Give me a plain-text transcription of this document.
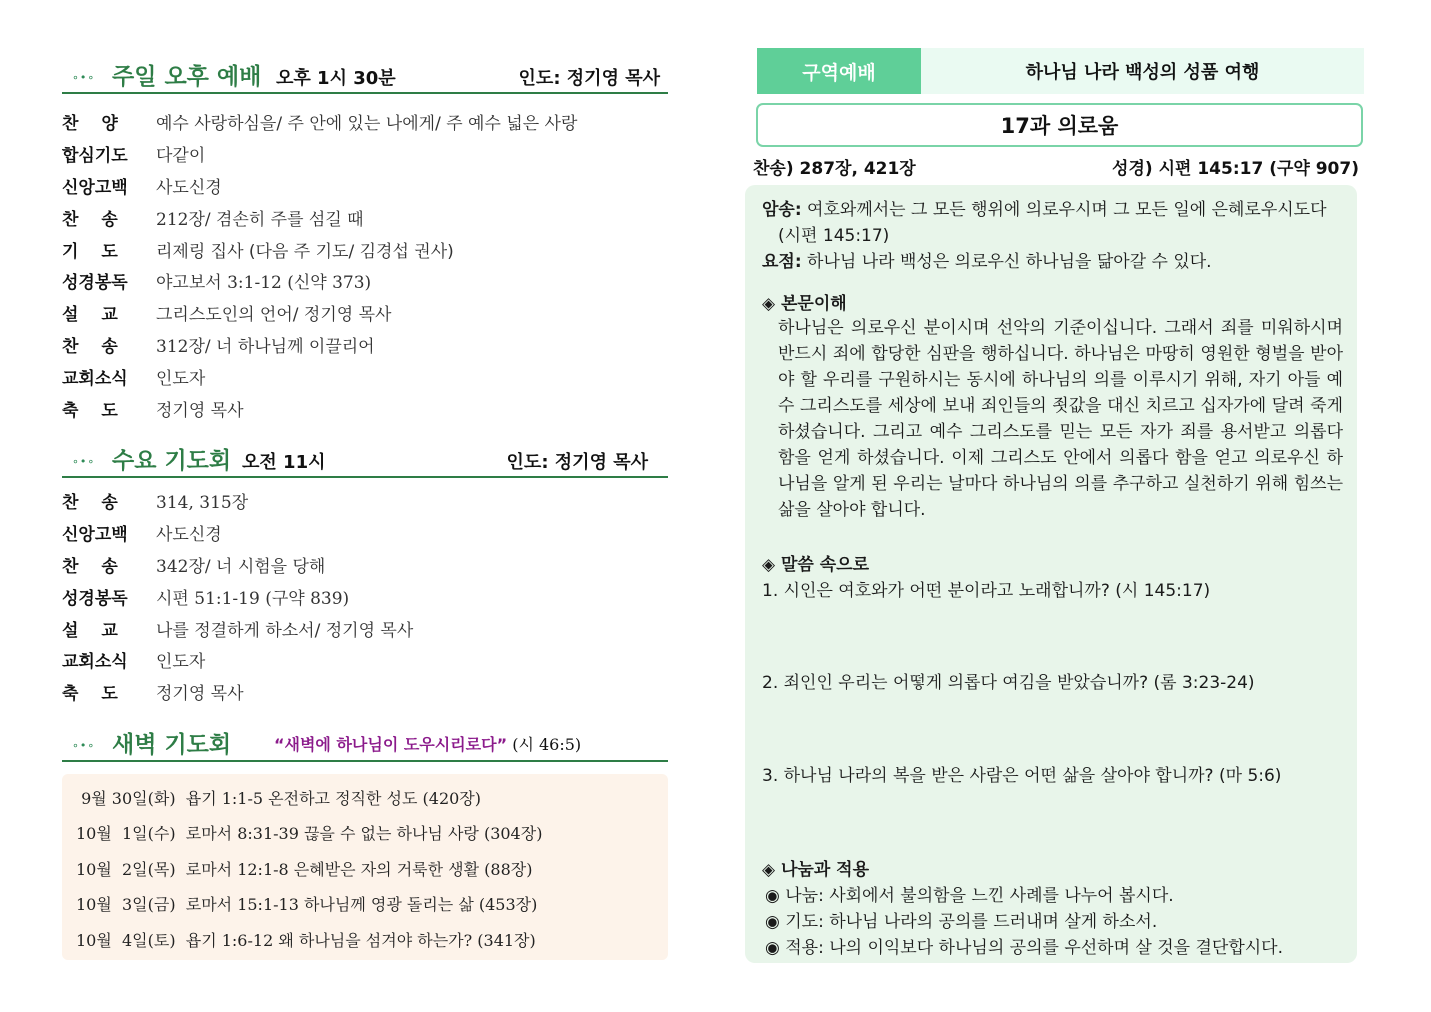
∘•∘ 주일 오후 예배 오후 1시 30분	인도: 정기영 목사
찬　 양	예수 사랑하심을/ 주 안에 있는 나에게/ 주 예수 넓은 사랑
합심기도	다같이
신앙고백	사도신경
찬　 송	212장/ 겸손히 주를 섬길 때
기　 도	리제링 집사 (다음 주 기도/ 김경섭 권사)
성경봉독	야고보서 3:1-12 (신약 373)
설　 교	그리스도인의 언어/ 정기영 목사
찬　 송	312장/ 너 하나님께 이끌리어
교회소식	인도자
축　 도	정기영 목사
∘•∘ 수요 기도회 오전 11시	인도: 정기영 목사
찬　 송	314, 315장
신앙고백	사도신경
찬　 송	342장/ 너 시험을 당해
성경봉독	시편 51:1-19 (구약 839)
설　 교	나를 정결하게 하소서/ 정기영 목사
교회소식	인도자
축　 도	정기영 목사
∘•∘ 새벽 기도회	“새벽에 하나님이 도우시리로다” (시 46:5)
9월 30일(화)  욥기 1:1-5 온전하고 정직한 성도 (420장)
10월  1일(수)  로마서 8:31-39 끊을 수 없는 하나님 사랑 (304장)
10월  2일(목)  로마서 12:1-8 은혜받은 자의 거룩한 생활 (88장)
10월  3일(금)  로마서 15:1-13 하나님께 영광 돌리는 삶 (453장)
10월  4일(토)  욥기 1:6-12 왜 하나님을 섬겨야 하는가? (341장)
구역예배	하나님 나라 백성의 성품 여행
17과 의로움
찬송) 287장, 421장	성경) 시편 145:17 (구약 907)
암송: 여호와께서는 그 모든 행위에 의로우시며 그 모든 일에 은혜로우시도다
(시편 145:17)
요점: 하나님 나라 백성은 의로우신 하나님을 닮아갈 수 있다.
◈ 본문이해
하나님은 의로우신 분이시며 선악의 기준이십니다. 그래서 죄를 미워하시며 반드시 죄에 합당한 심판을 행하십니다. 하나님은 마땅히 영원한 형벌을 받아야 할 우리를 구원하시는 동시에 하나님의 의를 이루시기 위해, 자기 아들 예수 그리스도를 세상에 보내 죄인들의 죗값을 대신 치르고 십자가에 달려 죽게 하셨습니다. 그리고 예수 그리스도를 믿는 모든 자가 죄를 용서받고 의롭다 함을 얻게 하셨습니다. 이제 그리스도 안에서 의롭다 함을 얻고 의로우신 하나님을 알게 된 우리는 날마다 하나님의 의를 추구하고 실천하기 위해 힘쓰는 삶을 살아야 합니다.
◈ 말씀 속으로
1. 시인은 여호와가 어떤 분이라고 노래합니까? (시 145:17)
2. 죄인인 우리는 어떻게 의롭다 여김을 받았습니까? (롬 3:23-24)
3. 하나님 나라의 복을 받은 사람은 어떤 삶을 살아야 합니까? (마 5:6)
◈ 나눔과 적용
◉ 나눔: 사회에서 불의함을 느낀 사례를 나누어 봅시다.
◉ 기도: 하나님 나라의 공의를 드러내며 살게 하소서.
◉ 적용: 나의 이익보다 하나님의 공의를 우선하며 살 것을 결단합시다.
